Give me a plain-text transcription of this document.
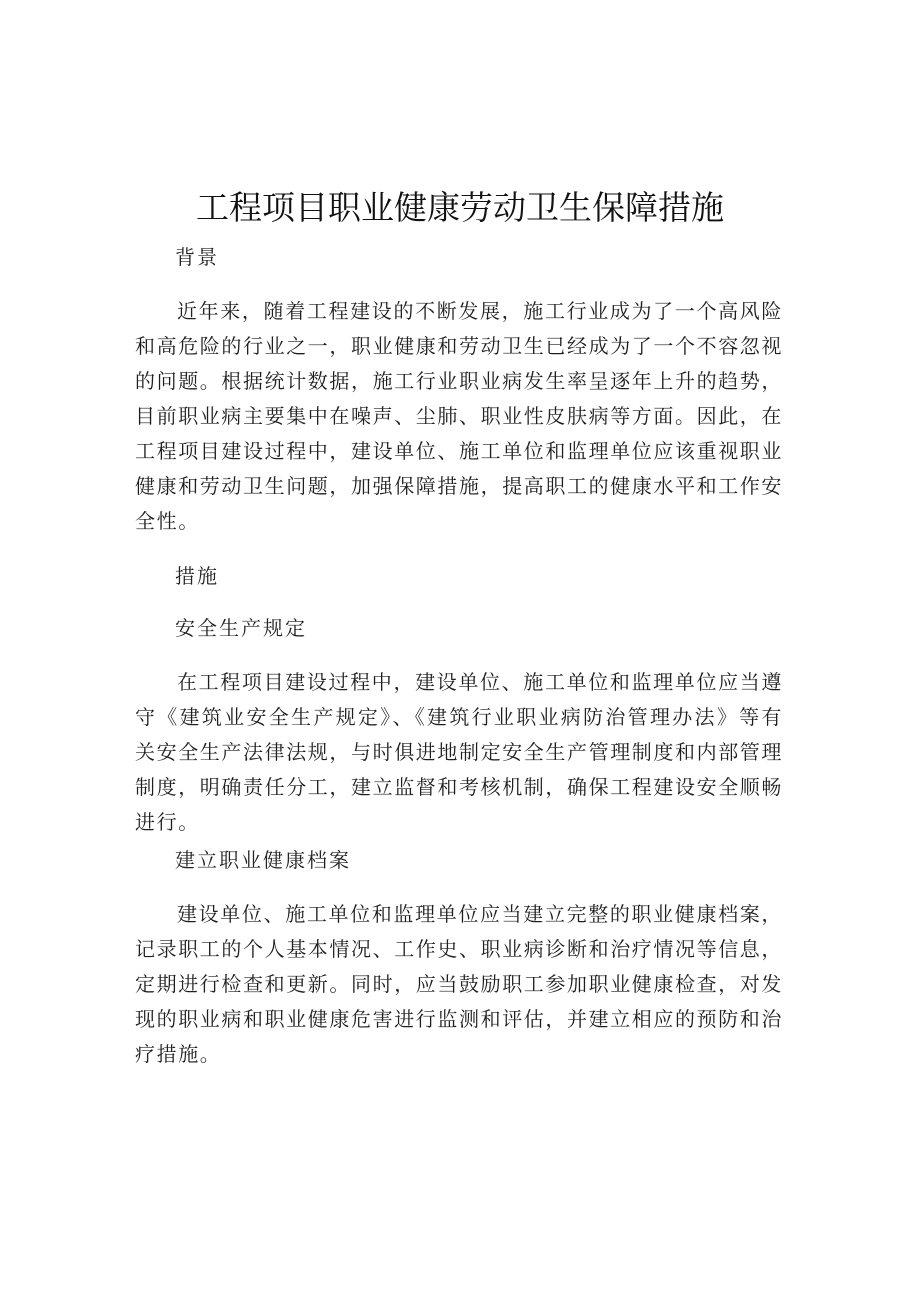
工程项目职业健康劳动卫生保障措施

背景

近年来，随着工程建设的不断发展，施工行业成为了一个高风险和高危险的行业之一，职业健康和劳动卫生已经成为了一个不容忽视的问题。根据统计数据，施工行业职业病发生率呈逐年上升的趋势，目前职业病主要集中在噪声、尘肺、职业性皮肤病等方面。因此，在工程项目建设过程中，建设单位、施工单位和监理单位应该重视职业健康和劳动卫生问题，加强保障措施，提高职工的健康水平和工作安全性。

措施

安全生产规定

在工程项目建设过程中，建设单位、施工单位和监理单位应当遵守《建筑业安全生产规定》、《建筑行业职业病防治管理办法》等有关安全生产法律法规，与时俱进地制定安全生产管理制度和内部管理制度，明确责任分工，建立监督和考核机制，确保工程建设安全顺畅进行。

建立职业健康档案

建设单位、施工单位和监理单位应当建立完整的职业健康档案，记录职工的个人基本情况、工作史、职业病诊断和治疗情况等信息，定期进行检查和更新。同时，应当鼓励职工参加职业健康检查，对发现的职业病和职业健康危害进行监测和评估，并建立相应的预防和治疗措施。
